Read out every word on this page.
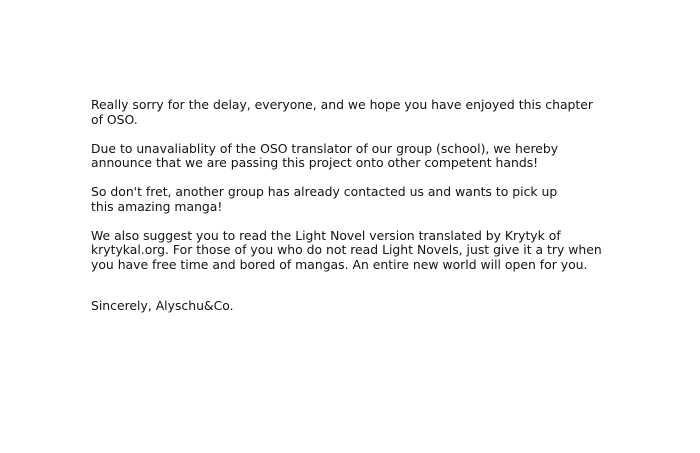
Really sorry for the delay, everyone, and we hope you have enjoyed this chapter
of OSO.

Due to unavaliablity of the OSO translator of our group (school), we hereby
announce that we are passing this project onto other competent hands!

So don't fret, another group has already contacted us and wants to pick up
this amazing manga!

We also suggest you to read the Light Novel version translated by Krytyk of
krytykal.org. For those of you who do not read Light Novels, just give it a try when
you have free time and bored of mangas. An entire new world will open for you.

Sincerely, Alyschu&Co.
